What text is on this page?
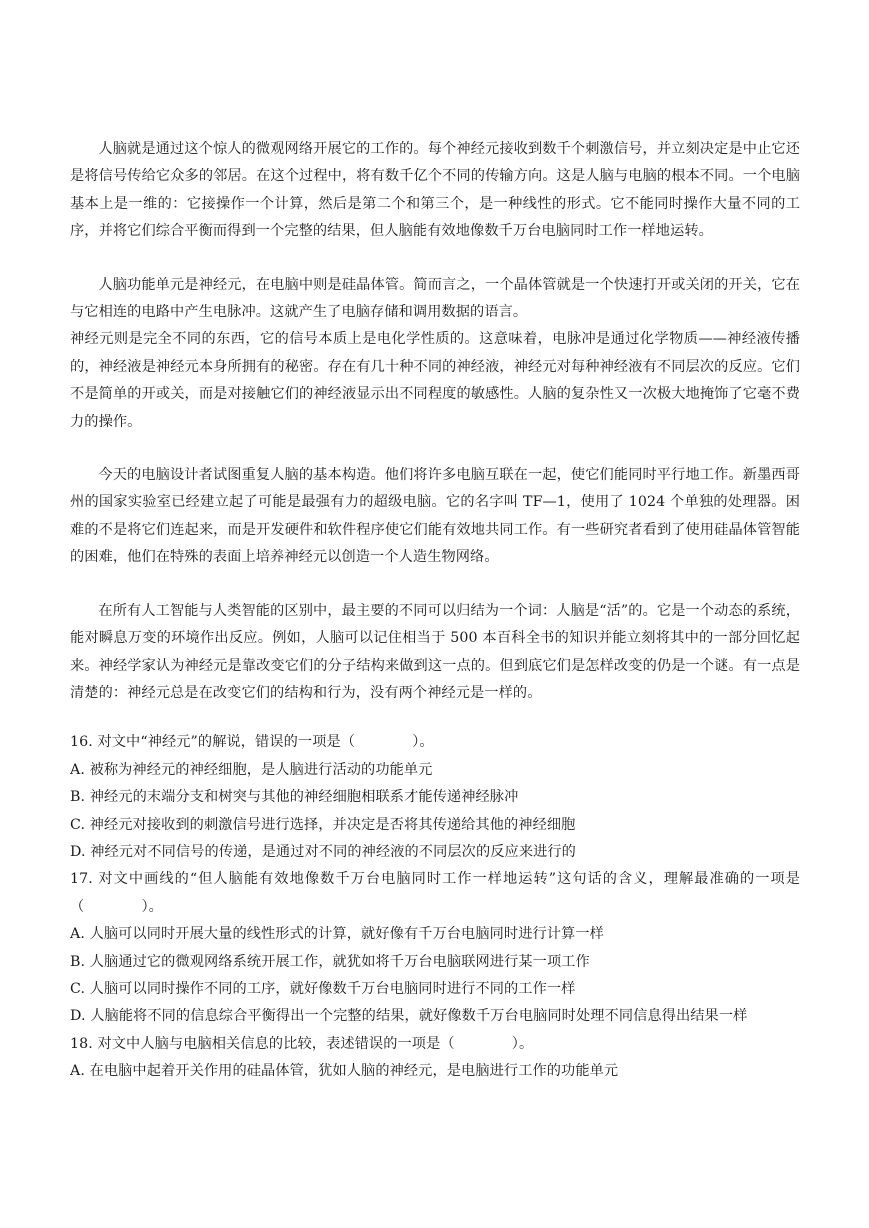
人脑就是通过这个惊人的微观网络开展它的工作的。每个神经元接收到数千个刺激信号，并立刻决定是中止它还是将信号传给它众多的邻居。在这个过程中，将有数千亿个不同的传输方向。这是人脑与电脑的根本不同。一个电脑基本上是一维的：它接操作一个计算，然后是第二个和第三个，是一种线性的形式。它不能同时操作大量不同的工序，并将它们综合平衡而得到一个完整的结果，但人脑能有效地像数千万台电脑同时工作一样地运转。

人脑功能单元是神经元，在电脑中则是硅晶体管。简而言之，一个晶体管就是一个快速打开或关闭的开关，它在与它相连的电路中产生电脉冲。这就产生了电脑存储和调用数据的语言。

神经元则是完全不同的东西，它的信号本质上是电化学性质的。这意味着，电脉冲是通过化学物质——神经液传播的，神经液是神经元本身所拥有的秘密。存在有几十种不同的神经液，神经元对每种神经液有不同层次的反应。它们不是简单的开或关，而是对接触它们的神经液显示出不同程度的敏感性。人脑的复杂性又一次极大地掩饰了它毫不费力的操作。

今天的电脑设计者试图重复人脑的基本构造。他们将许多电脑互联在一起，使它们能同时平行地工作。新墨西哥州的国家实验室已经建立起了可能是最强有力的超级电脑。它的名字叫 TF—1，使用了 1024 个单独的处理器。困难的不是将它们连起来，而是开发硬件和软件程序使它们能有效地共同工作。有一些研究者看到了使用硅晶体管智能的困难，他们在特殊的表面上培养神经元以创造一个人造生物网络。

在所有人工智能与人类智能的区别中，最主要的不同可以归结为一个词：人脑是“活”的。它是一个动态的系统，能对瞬息万变的环境作出反应。例如，人脑可以记住相当于 500 本百科全书的知识并能立刻将其中的一部分回忆起来。神经学家认为神经元是靠改变它们的分子结构来做到这一点的。但到底它们是怎样改变的仍是一个谜。有一点是清楚的：神经元总是在改变它们的结构和行为，没有两个神经元是一样的。

16. 对文中“神经元”的解说，错误的一项是（　　　　）。

A. 被称为神经元的神经细胞，是人脑进行活动的功能单元

B. 神经元的末端分支和树突与其他的神经细胞相联系才能传递神经脉冲

C. 神经元对接收到的刺激信号进行选择，并决定是否将其传递给其他的神经细胞

D. 神经元对不同信号的传递，是通过对不同的神经液的不同层次的反应来进行的

17. 对文中画线的“但人脑能有效地像数千万台电脑同时工作一样地运转”这句话的含义，理解最准确的一项是（　　　　）。

A. 人脑可以同时开展大量的线性形式的计算，就好像有千万台电脑同时进行计算一样

B. 人脑通过它的微观网络系统开展工作，就犹如将千万台电脑联网进行某一项工作

C. 人脑可以同时操作不同的工序，就好像数千万台电脑同时进行不同的工作一样

D. 人脑能将不同的信息综合平衡得出一个完整的结果，就好像数千万台电脑同时处理不同信息得出结果一样

18. 对文中人脑与电脑相关信息的比较，表述错误的一项是（　　　　）。

A. 在电脑中起着开关作用的硅晶体管，犹如人脑的神经元，是电脑进行工作的功能单元
